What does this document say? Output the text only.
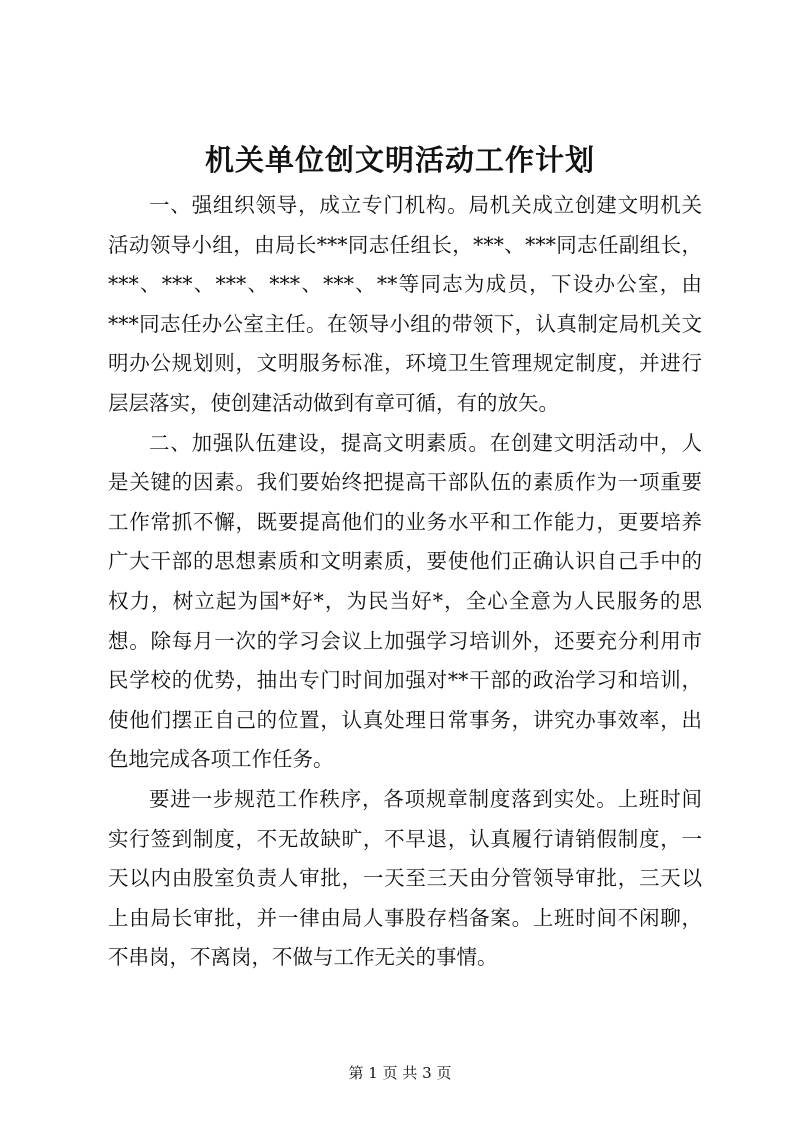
机关单位创文明活动工作计划

一、强组织领导，成立专门机构。局机关成立创建文明机关活动领导小组，由局长***同志任组长，***、***同志任副组长，***、***、***、***、***、**等同志为成员，下设办公室，由***同志任办公室主任。在领导小组的带领下，认真制定局机关文明办公规划则，文明服务标准，环境卫生管理规定制度，并进行层层落实，使创建活动做到有章可循，有的放矢。

二、加强队伍建设，提高文明素质。在创建文明活动中，人是关键的因素。我们要始终把提高干部队伍的素质作为一项重要工作常抓不懈，既要提高他们的业务水平和工作能力，更要培养广大干部的思想素质和文明素质，要使他们正确认识自己手中的权力，树立起为国*好*，为民当好*，全心全意为人民服务的思想。除每月一次的学习会议上加强学习培训外，还要充分利用市民学校的优势，抽出专门时间加强对**干部的政治学习和培训，使他们摆正自己的位置，认真处理日常事务，讲究办事效率，出色地完成各项工作任务。

要进一步规范工作秩序，各项规章制度落到实处。上班时间实行签到制度，不无故缺旷，不早退，认真履行请销假制度，一天以内由股室负责人审批，一天至三天由分管领导审批，三天以上由局长审批，并一律由局人事股存档备案。上班时间不闲聊，不串岗，不离岗，不做与工作无关的事情。

第 1 页 共 3 页
